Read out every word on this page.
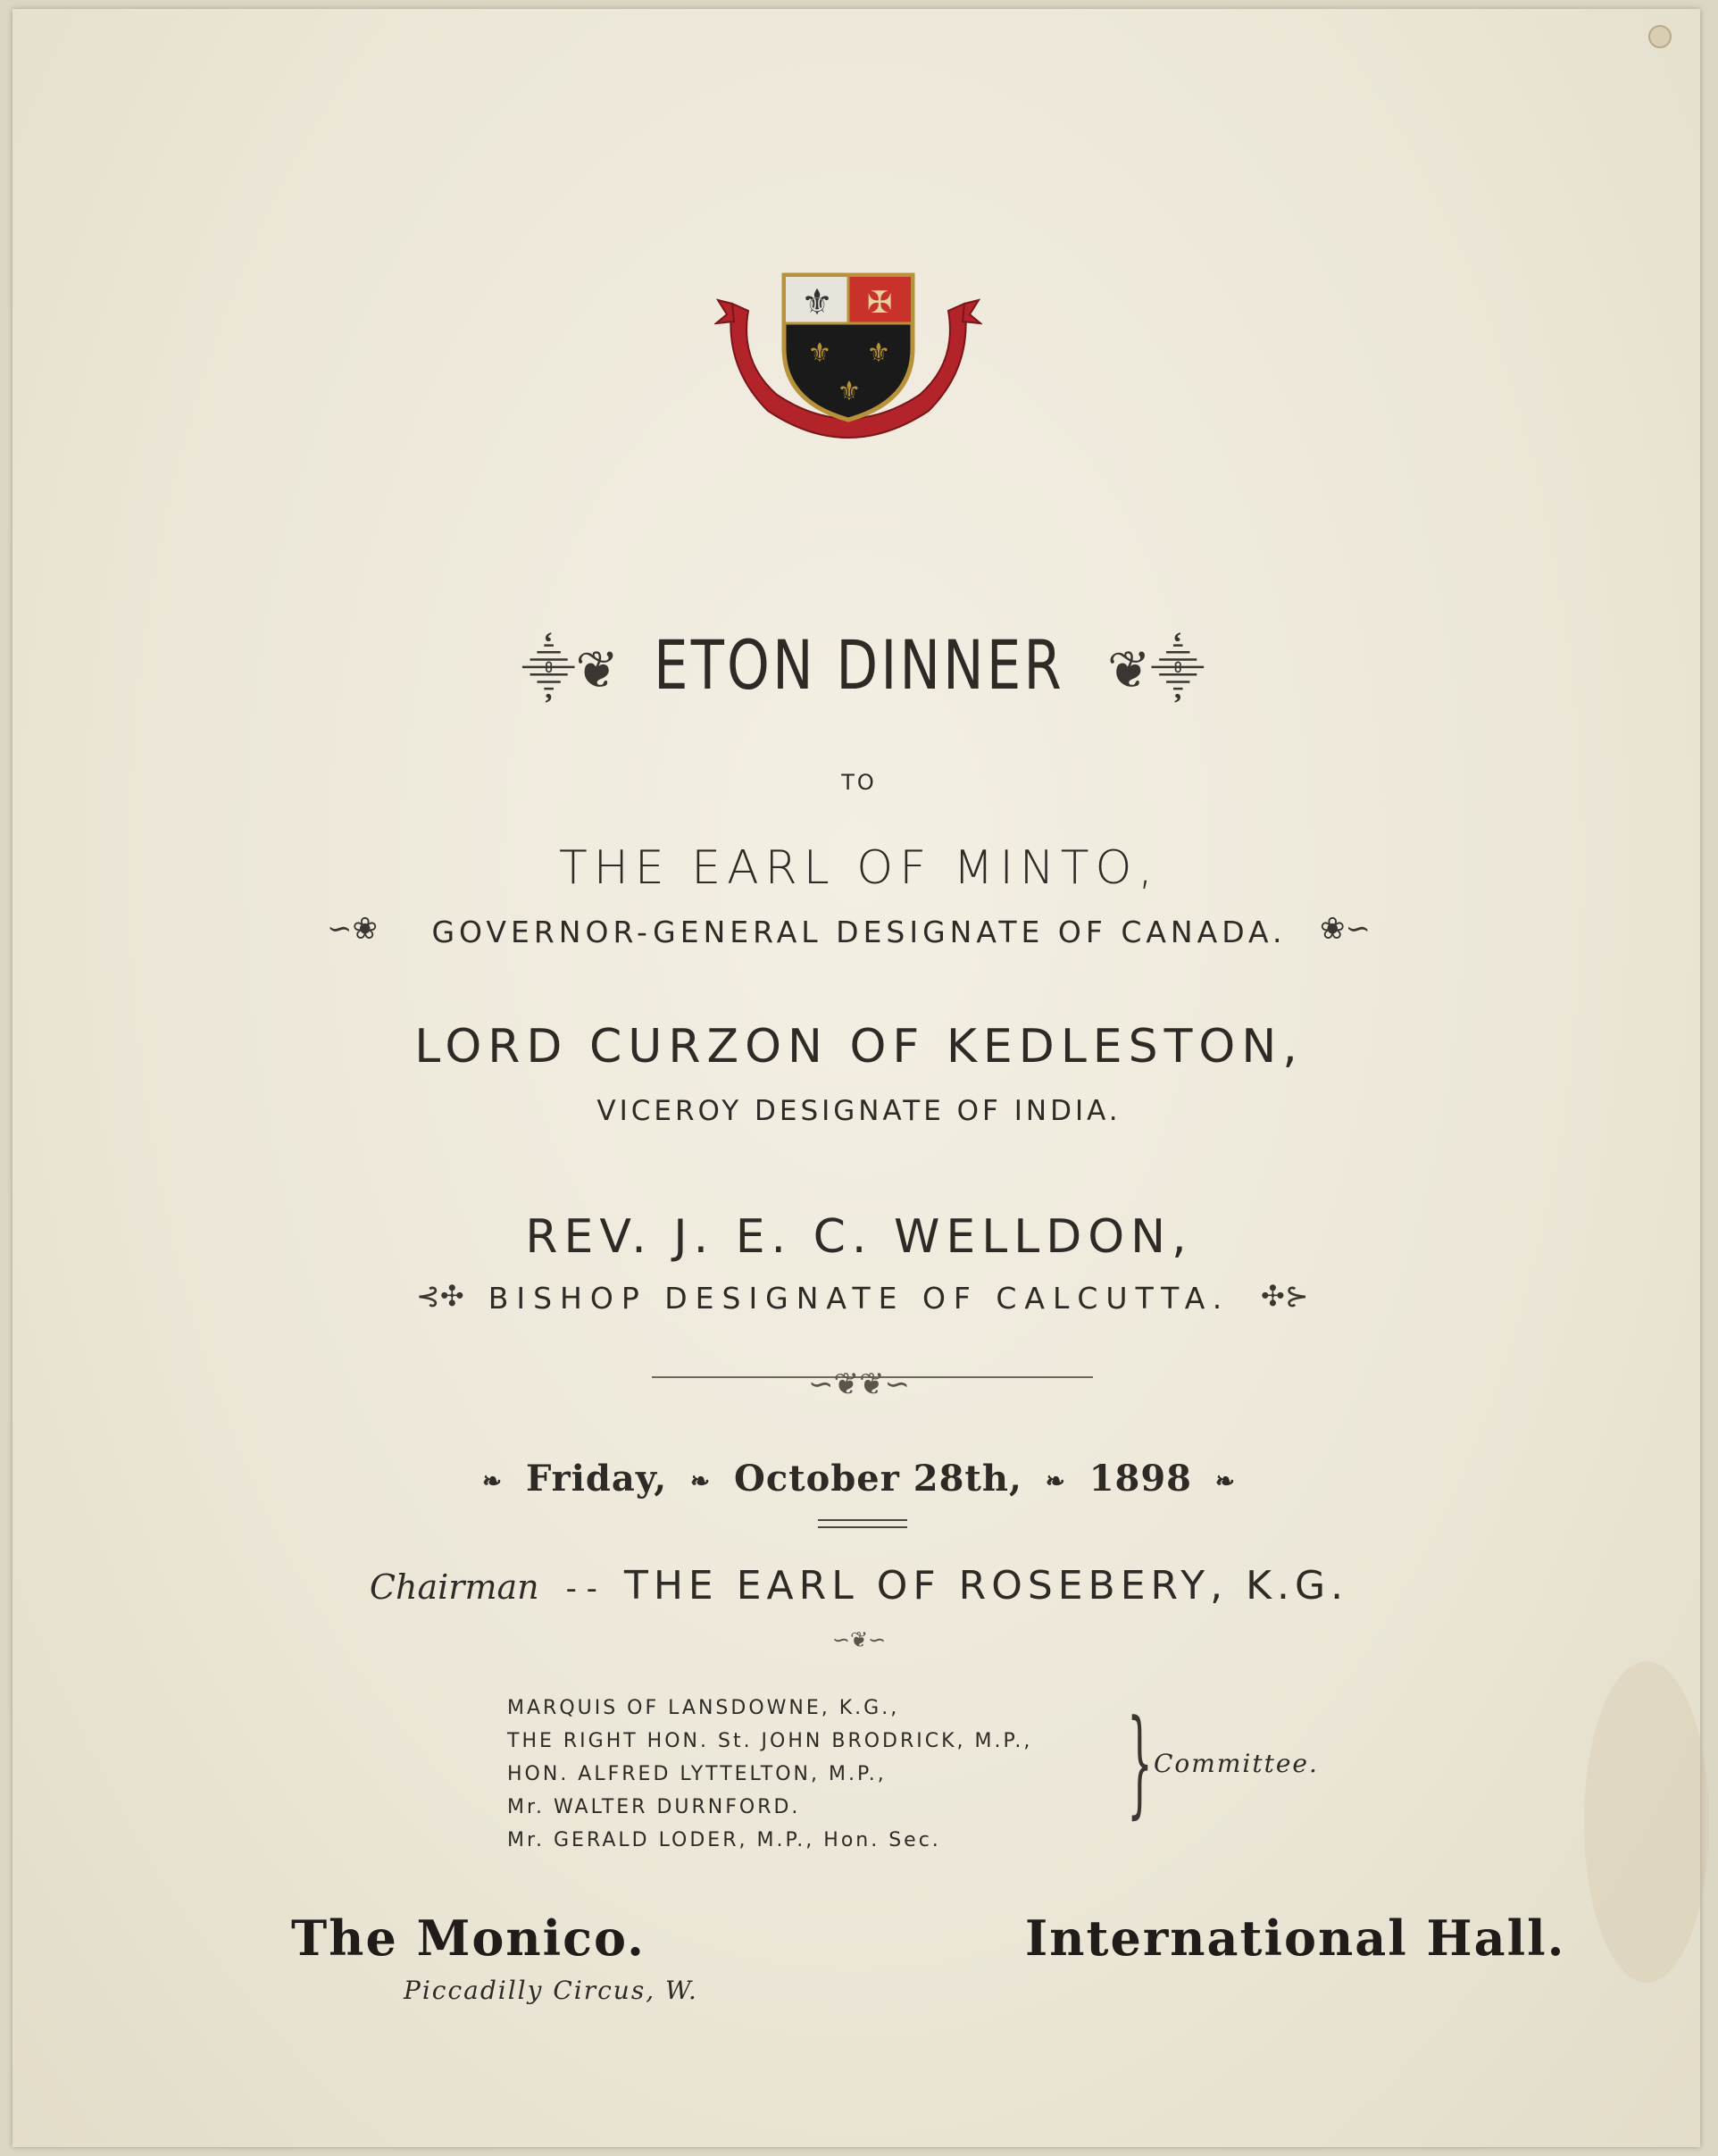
⚜ ✠
⚜ ⚜
⚜
ETON DINNER
⸎❦	❦⸎
TO
THE EARL OF MINTO,
∽❀	GOVERNOR-GENERAL DESIGNATE OF CANADA.	❀∽
LORD CURZON OF KEDLESTON,
VICEROY DESIGNATE OF INDIA.
REV. J. E. C. WELLDON,
⊰✣ BISHOP DESIGNATE OF CALCUTTA.	✣⊱
∽❦❦∽
❧ Friday, ❧ October 28th, ❧ 1898 ❧
Chairman - - THE EARL OF ROSEBERY, K.G.
∽❦∽
MARQUIS OF LANSDOWNE, K.G.,
THE RIGHT HON. St. JOHN BRODRICK, M.P.,
HON. ALFRED LYTTELTON, M.P.,
Mr. WALTER DURNFORD.
Mr. GERALD LODER, M.P., Hon. Sec.
} Committee.
The Monico.
Piccadilly Circus, W.
International Hall.
